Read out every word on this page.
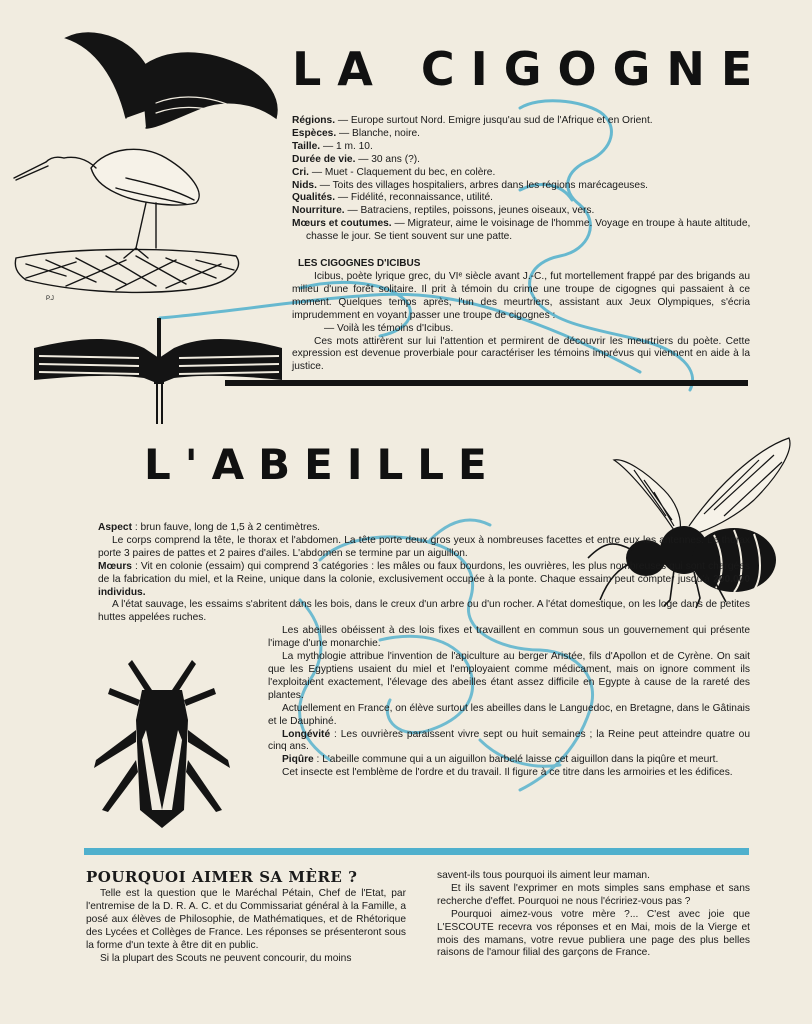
P.J
LA CIGOGNE
Régions. — Europe surtout Nord. Emigre jusqu'au sud de l'Afrique et en Orient.
Espèces. — Blanche, noire.
Taille. — 1 m. 10.
Durée de vie. — 30 ans (?).
Cri. — Muet - Claquement du bec, en colère.
Nids. — Toits des villages hospitaliers, arbres dans les régions marécageuses.
Qualités. — Fidélité, reconnaissance, utilité.
Nourriture. — Batraciens, reptiles, poissons, jeunes oiseaux, vers.
Mœurs et coutumes. — Migrateur, aime le voisinage de l'homme. Voyage en troupe à haute altitude, chasse le jour. Se tient souvent sur une patte.
LES CIGOGNES D'ICIBUS

Icibus, poète lyrique grec, du VIᵉ siècle avant J.-C., fut mortellement frappé par des brigands au milieu d'une forêt solitaire. Il prit à témoin du crime une troupe de cigognes qui passaient à ce moment. Quelques temps après, l'un des meurtriers, assistant aux Jeux Olympiques, s'écria imprudemment en voyant passer une troupe de cigognes :

— Voilà les témoins d'Icibus.

Ces mots attirèrent sur lui l'attention et permirent de découvrir les meurtriers du poète. Cette expression est devenue proverbiale pour caractériser les témoins imprévus qui viennent en aide à la justice.

L'ABEILLE

Aspect : brun fauve, long de 1,5 à 2 centimètres.

Le corps comprend la tête, le thorax et l'abdomen. La tête porte deux gros yeux à nombreuses facettes et entre eux les antennes. Le thorax porte 3 paires de pattes et 2 paires d'ailes. L'abdomen se termine par un aiguillon.

Mœurs : Vit en colonie (essaim) qui comprend 3 catégories : les mâles ou faux bourdons, les ouvrières, les plus nombreuses qui sont chargées de la fabrication du miel, et la Reine, unique dans la colonie, exclusivement occupée à la ponte. Chaque essaim peut compter jusqu'à 200.000 individus.

A l'état sauvage, les essaims s'abritent dans les bois, dans le creux d'un arbre ou d'un rocher. A l'état domestique, on les loge dans de petites huttes appelées ruches.

Les abeilles obéissent à des lois fixes et travaillent en commun sous un gouvernement qui présente l'image d'une monarchie.

La mythologie attribue l'invention de l'apiculture au berger Aristée, fils d'Apollon et de Cyrène. On sait que les Egyptiens usaient du miel et l'employaient comme médicament, mais on ignore comment ils l'exploitaient exactement, l'élevage des abeilles étant assez difficile en Egypte à cause de la rareté des plantes.

Actuellement en France, on élève surtout les abeilles dans le Languedoc, en Bretagne, dans le Gâtinais et le Dauphiné.

Longévité : Les ouvrières paraissent vivre sept ou huit semaines ; la Reine peut atteindre quatre ou cinq ans.

Piqûre : L'abeille commune qui a un aiguillon barbelé laisse cet aiguillon dans la piqûre et meurt.

Cet insecte est l'emblème de l'ordre et du travail. Il figure à ce titre dans les armoiries et les édifices.

POURQUOI AIMER SA MÈRE ?

Telle est la question que le Maréchal Pétain, Chef de l'Etat, par l'entremise de la D. R. A. C. et du Commissariat général à la Famille, a posé aux élèves de Philosophie, de Mathématiques, et de Rhétorique des Lycées et Collèges de France. Les réponses se présenteront sous la forme d'un texte à être dit en public.

Si la plupart des Scouts ne peuvent concourir, du moins

savent-ils tous pourquoi ils aiment leur maman.

Et ils savent l'exprimer en mots simples sans emphase et sans recherche d'effet. Pourquoi ne nous l'écririez-vous pas ?

Pourquoi aimez-vous votre mère ?... C'est avec joie que L'ESCOUTE recevra vos réponses et en Mai, mois de la Vierge et mois des mamans, votre revue publiera une page des plus belles raisons de l'amour filial des garçons de France.
